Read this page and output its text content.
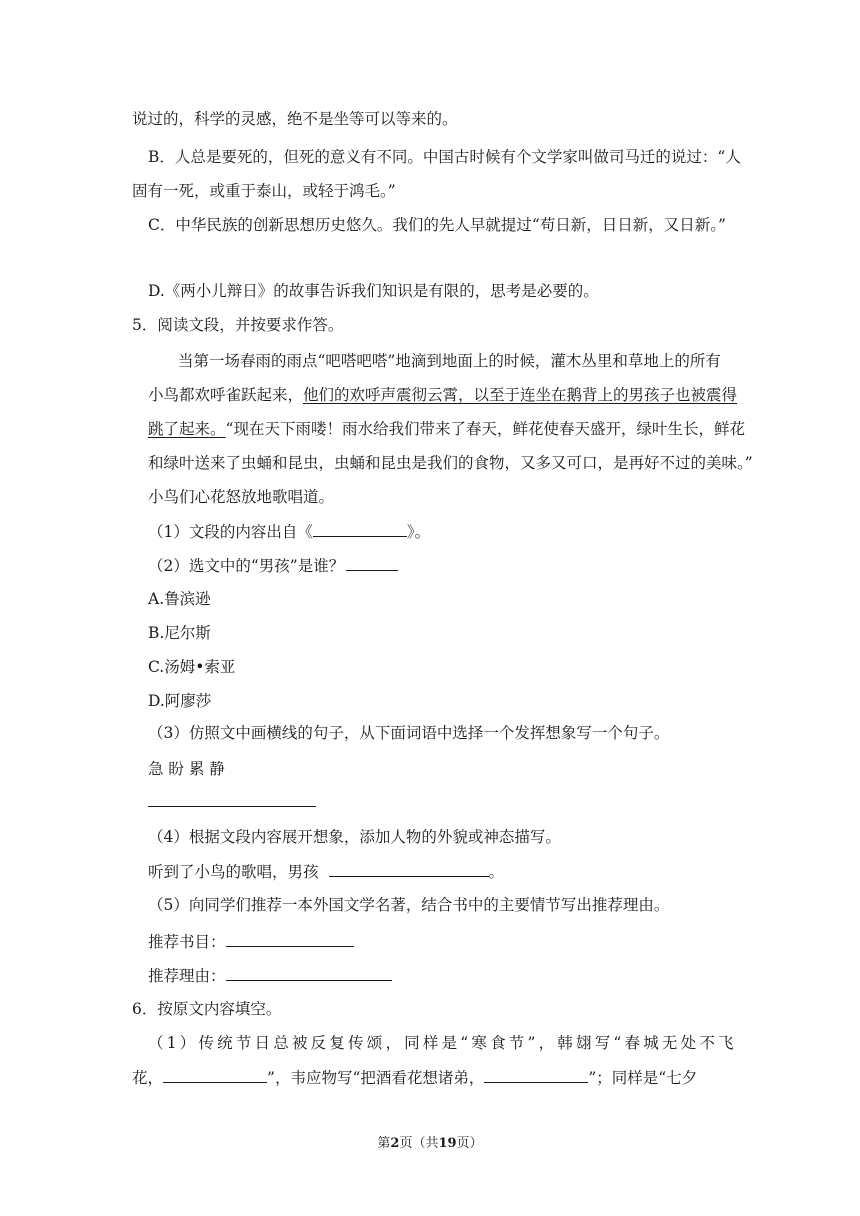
说过的，科学的灵感，绝不是坐等可以等来的。
B．人总是要死的，但死的意义有不同。中国古时候有个文学家叫做司马迁的说过：“人
固有一死，或重于泰山，或轻于鸿毛。”
C．中华民族的创新思想历史悠久。我们的先人早就提过“苟日新，日日新，又日新。”
D.《两小儿辩日》的故事告诉我们知识是有限的，思考是必要的。
5．阅读文段，并按要求作答。
当第一场春雨的雨点“吧嗒吧嗒”地滴到地面上的时候，灌木丛里和草地上的所有
小鸟都欢呼雀跃起来，他们的欢呼声震彻云霄，以至于连坐在鹅背上的男孩子也被震得
跳了起来。“现在天下雨喽！雨水给我们带来了春天，鲜花使春天盛开，绿叶生长，鲜花
和绿叶送来了虫蛹和昆虫，虫蛹和昆虫是我们的食物，又多又可口，是再好不过的美味。”
小鸟们心花怒放地歌唱道。
（1）文段的内容出自《	》。
（2）选文中的“男孩”是谁？
A.鲁滨逊
B.尼尔斯
C.汤姆•索亚
D.阿廖莎
（3）仿照文中画横线的句子，从下面词语中选择一个发挥想象写一个句子。
急 盼 累 静
（4）根据文段内容展开想象，添加人物的外貌或神态描写。
听到了小鸟的歌唱，男孩	。
（5）向同学们推荐一本外国文学名著，结合书中的主要情节写出推荐理由。
推荐书目：
推荐理由：
6．按原文内容填空。
（1）传统节日总被反复传颂，同样是“寒食节”，韩翃写“春城无处不飞
花，	”，韦应物写“把酒看花想诸弟，	”；同样是“七夕
第2页（共19页）
